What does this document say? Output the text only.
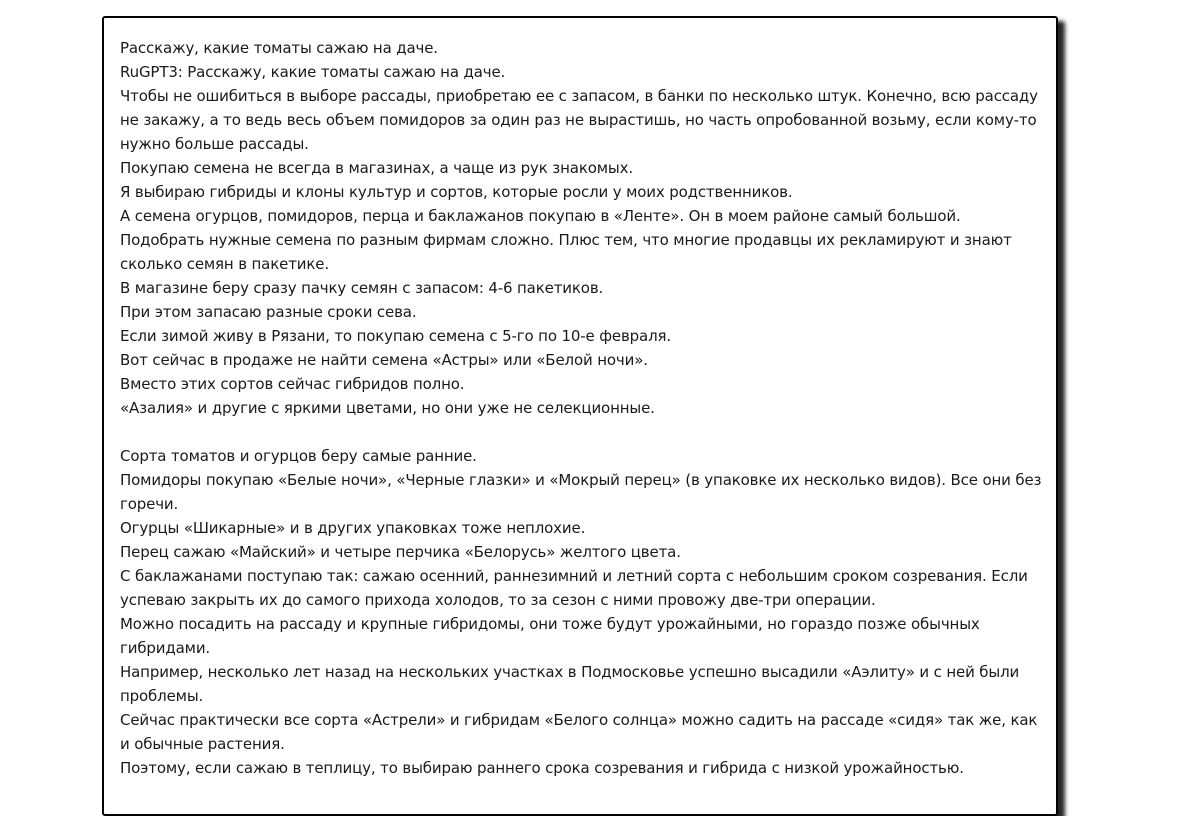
Расскажу, какие томаты сажаю на даче.
RuGPT3: Расскажу, какие томаты сажаю на даче.
Чтобы не ошибиться в выборе рассады, приобретаю ее с запасом, в банки по несколько штук. Конечно, всю рассаду не закажу, а то ведь весь объем помидоров за один раз не вырастишь, но часть опробованной возьму, если кому-то нужно больше рассады.
Покупаю семена не всегда в магазинах, а чаще из рук знакомых.
Я выбираю гибриды и клоны культур и сортов, которые росли у моих родственников.
А семена огурцов, помидоров, перца и баклажанов покупаю в «Ленте». Он в моем районе самый большой.
Подобрать нужные семена по разным фирмам сложно. Плюс тем, что многие продавцы их рекламируют и знают сколько семян в пакетике.
В магазине беру сразу пачку семян с запасом: 4-6 пакетиков.
При этом запасаю разные сроки сева.
Если зимой живу в Рязани, то покупаю семена с 5-го по 10-е февраля.
Вот сейчас в продаже не найти семена «Астры» или «Белой ночи».
Вместо этих сортов сейчас гибридов полно.
«Азалия» и другие с яркими цветами, но они уже не селекционные.
Сорта томатов и огурцов беру самые ранние.
Помидоры покупаю «Белые ночи», «Черные глазки» и «Мокрый перец» (в упаковке их несколько видов). Все они без горечи.
Огурцы «Шикарные» и в других упаковках тоже неплохие.
Перец сажаю «Майский» и четыре перчика «Белорусь» желтого цвета.
С баклажанами поступаю так: сажаю осенний, раннезимний и летний сорта с небольшим сроком созревания. Если успеваю закрыть их до самого прихода холодов, то за сезон с ними провожу две-три операции.
Можно посадить на рассаду и крупные гибридомы, они тоже будут урожайными, но гораздо позже обычных гибридами.
Например, несколько лет назад на нескольких участках в Подмосковье успешно высадили «Аэлиту» и с ней были проблемы.
Сейчас практически все сорта «Астрели» и гибридам «Белого солнца» можно садить на рассаде «сидя» так же, как и обычные растения.
Поэтому, если сажаю в теплицу, то выбираю раннего срока созревания и гибрида с низкой урожайностью.
